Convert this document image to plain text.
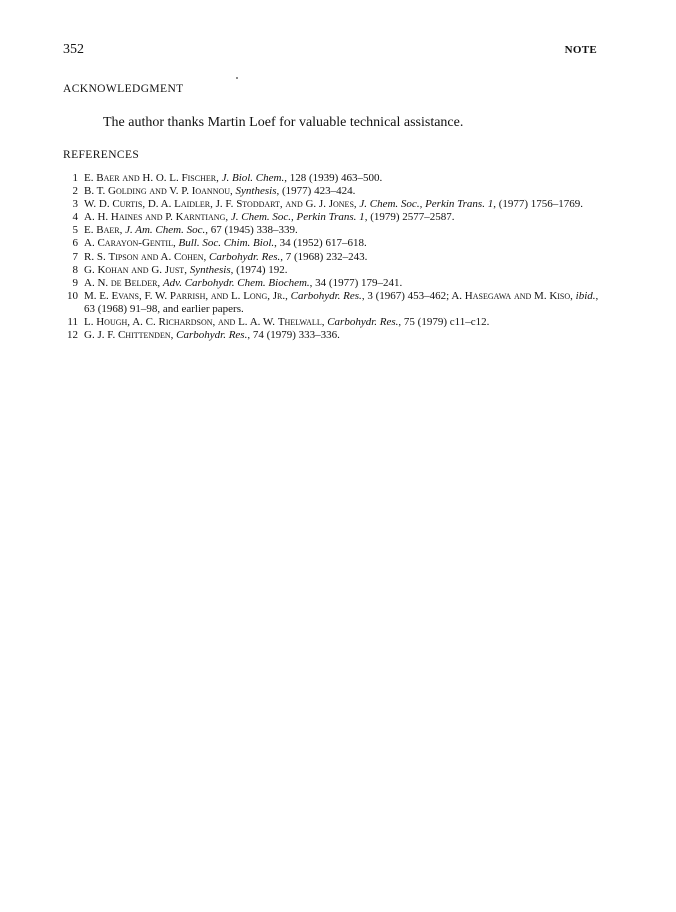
352	NOTE
ACKNOWLEDGMENT
The author thanks Martin Loef for valuable technical assistance.
REFERENCES
1 E. Baer and H. O. L. Fischer, J. Biol. Chem., 128 (1939) 463–500.
2 B. T. Golding and V. P. Ioannou, Synthesis, (1977) 423–424.
3 W. D. Curtis, D. A. Laidler, J. F. Stoddart, and G. J. Jones, J. Chem. Soc., Perkin Trans. 1, (1977) 1756–1769.
4 A. H. Haines and P. Karntiang, J. Chem. Soc., Perkin Trans. 1, (1979) 2577–2587.
5 E. Baer, J. Am. Chem. Soc., 67 (1945) 338–339.
6 A. Carayon-Gentil, Bull. Soc. Chim. Biol., 34 (1952) 617–618.
7 R. S. Tipson and A. Cohen, Carbohydr. Res., 7 (1968) 232–243.
8 G. Kohan and G. Just, Synthesis, (1974) 192.
9 A. N. de Belder, Adv. Carbohydr. Chem. Biochem., 34 (1977) 179–241.
10 M. E. Evans, F. W. Parrish, and L. Long, Jr., Carbohydr. Res., 3 (1967) 453–462; A. Hasegawa and M. Kiso, ibid., 63 (1968) 91–98, and earlier papers.
11 L. Hough, A. C. Richardson, and L. A. W. Thelwall, Carbohydr. Res., 75 (1979) c11–c12.
12 G. J. F. Chittenden, Carbohydr. Res., 74 (1979) 333–336.
